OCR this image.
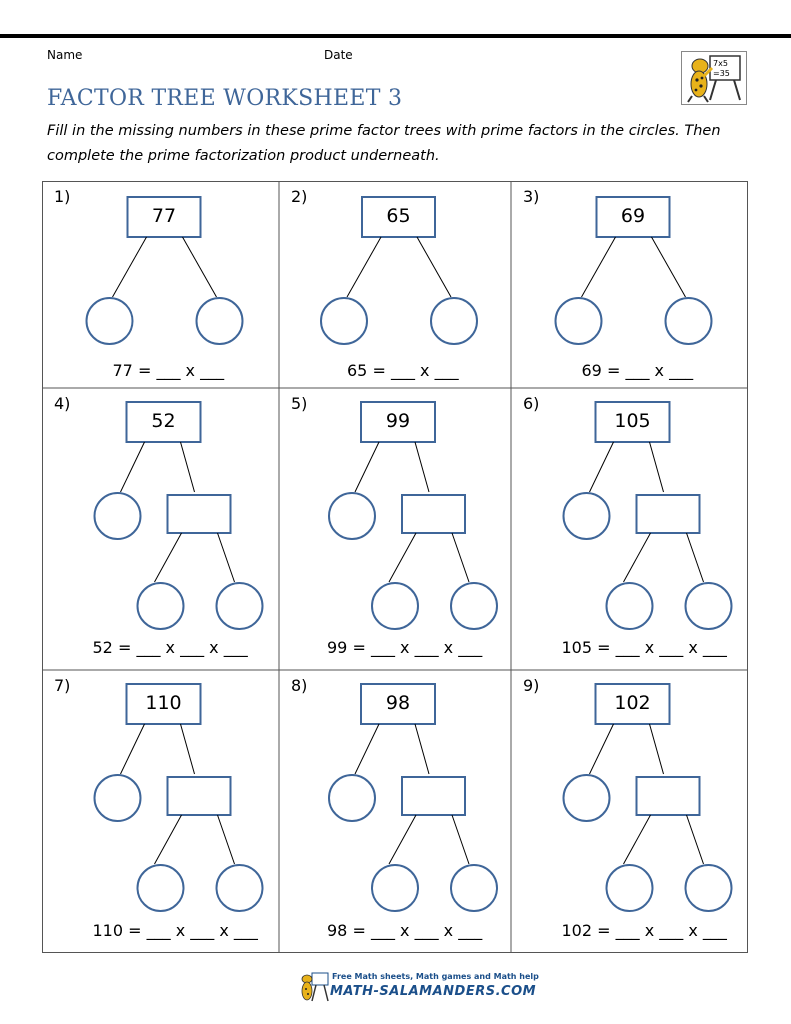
Name	Date
7x5
=35
FACTOR TREE WORKSHEET 3
Fill in the missing numbers in these prime factor trees with prime factors in the circles. Then complete the prime factorization product underneath.
1)
77
77 = ___ x ___
2)
65
65 = ___ x ___
3)
69
69 = ___ x ___
4)
52
52 = ___ x ___ x ___
5)
99
99 = ___ x ___ x ___
6)
105
105 = ___ x ___ x ___
7)
110
110 = ___ x ___ x ___
8)
98
98 = ___ x ___ x ___
9)
102
102 = ___ x ___ x ___
Free Math sheets, Math games and Math help
MATH-SALAMANDERS.COM
